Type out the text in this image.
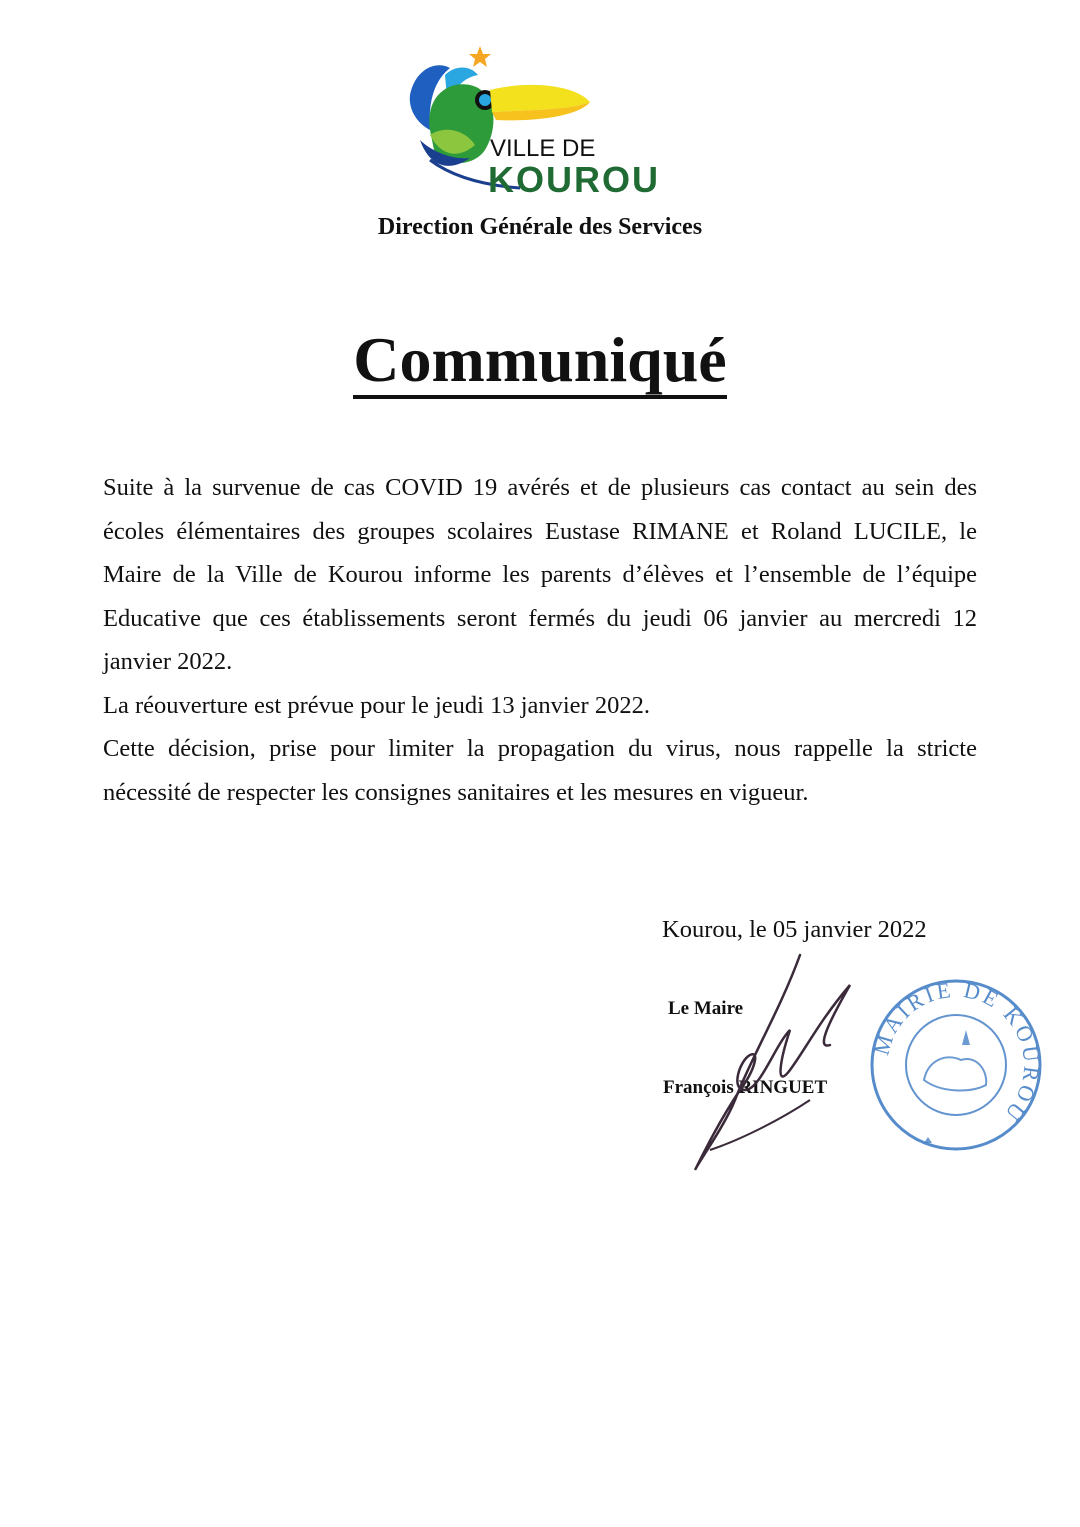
VILLE DE
KOUROU
Direction Générale des Services
Communiqué

Suite à la survenue de cas COVID 19 avérés et de plusieurs cas contact au sein des écoles élémentaires des groupes scolaires Eustase RIMANE et Roland LUCILE, le Maire de la Ville de Kourou informe les parents d’élèves et l’ensemble de l’équipe Educative que ces établissements seront fermés du jeudi 06 janvier au mercredi 12 janvier 2022.

La réouverture est prévue pour le jeudi 13 janvier 2022.

Cette décision, prise pour limiter la propagation du virus, nous rappelle la stricte nécessité de respecter les consignes sanitaires et les mesures en vigueur.

Kourou, le 05 janvier 2022
Le Maire
François RINGUET
MAIRIE DE KOUROU
